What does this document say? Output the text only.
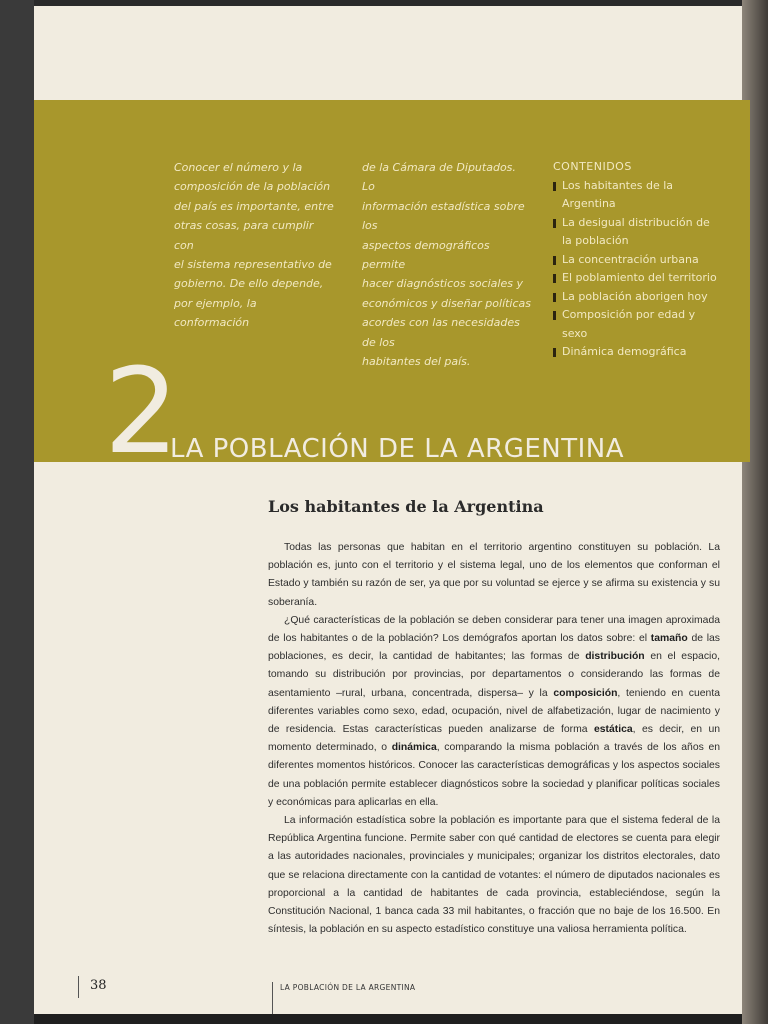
Conocer el número y la
composición de la población
del país es importante, entre
otras cosas, para cumplir con
el sistema representativo de
gobierno. De ello depende,
por ejemplo, la conformación
de la Cámara de Diputados. Lo
información estadística sobre los
aspectos demográficos permite
hacer diagnósticos sociales y
económicos y diseñar políticas
acordes con las necesidades de los
habitantes del país.
CONTENIDOS
Los habitantes de la Argentina
La desigual distribución de la población
La concentración urbana
El poblamiento del territorio
La población aborigen hoy
Composición por edad y sexo
Dinámica demográfica
2
LA POBLACIÓN DE LA ARGENTINA
Los habitantes de la Argentina

Todas las personas que habitan en el territorio argentino constituyen su población. La población es, junto con el territorio y el sistema legal, uno de los elementos que conforman el Estado y también su razón de ser, ya que por su voluntad se ejerce y se afirma su existencia y su soberanía.

¿Qué características de la población se deben considerar para tener una imagen aproximada de los habitantes o de la población? Los demógrafos aportan los datos sobre: el tamaño de las poblaciones, es decir, la cantidad de habitantes; las formas de distribución en el espacio, tomando su distribución por provincias, por departamentos o considerando las formas de asentamiento –rural, urbana, concentrada, dispersa– y la composición, teniendo en cuenta diferentes variables como sexo, edad, ocupación, nivel de alfabetización, lugar de nacimiento y de residencia. Estas características pueden analizarse de forma estática, es decir, en un momento determinado, o dinámica, comparando la misma población a través de los años en diferentes momentos históricos. Conocer las características demográficas y los aspectos sociales de una población permite establecer diagnósticos sobre la sociedad y planificar políticas sociales y económicas para aplicarlas en ella.

La información estadística sobre la población es importante para que el sistema federal de la República Argentina funcione. Permite saber con qué cantidad de electores se cuenta para elegir a las autoridades nacionales, provinciales y municipales; organizar los distritos electorales, dato que se relaciona directamente con la cantidad de votantes: el número de diputados nacionales es proporcional a la cantidad de habitantes de cada provincia, estableciéndose, según la Constitución Nacional, 1 banca cada 33 mil habitantes, o fracción que no baje de los 16.500. En síntesis, la población en su aspecto estadístico constituye una valiosa herramienta política.

38	LA POBLACIÓN DE LA ARGENTINA
